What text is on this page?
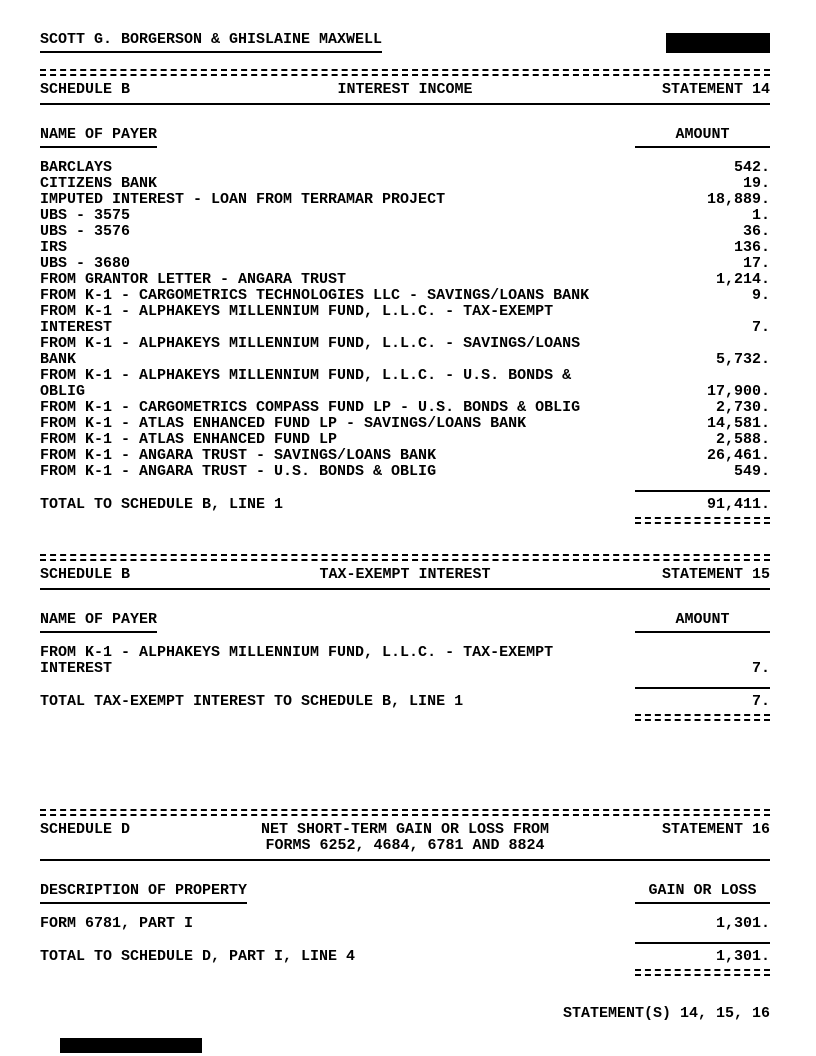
SCOTT G. BORGERSON & GHISLAINE MAXWELL
SCHEDULE B	INTEREST INCOME	STATEMENT 14
NAME OF PAYER	AMOUNT
BARCLAYS	542.
CITIZENS BANK	19.
IMPUTED INTEREST - LOAN FROM TERRAMAR PROJECT	18,889.
UBS - 3575	1.
UBS - 3576	36.
IRS	136.
UBS - 3680	17.
FROM GRANTOR LETTER - ANGARA TRUST	1,214.
FROM K-1 - CARGOMETRICS TECHNOLOGIES LLC - SAVINGS/LOANS BANK	9.
FROM K-1 - ALPHAKEYS MILLENNIUM FUND, L.L.C. - TAX-EXEMPT INTEREST	7.
FROM K-1 - ALPHAKEYS MILLENNIUM FUND, L.L.C. - SAVINGS/LOANS BANK	5,732.
FROM K-1 - ALPHAKEYS MILLENNIUM FUND, L.L.C. - U.S. BONDS & OBLIG	17,900.
FROM K-1 - CARGOMETRICS COMPASS FUND LP - U.S. BONDS & OBLIG	2,730.
FROM K-1 - ATLAS ENHANCED FUND LP - SAVINGS/LOANS BANK	14,581.
FROM K-1 - ATLAS ENHANCED FUND LP	2,588.
FROM K-1 - ANGARA TRUST - SAVINGS/LOANS BANK	26,461.
FROM K-1 - ANGARA TRUST - U.S. BONDS & OBLIG	549.
TOTAL TO SCHEDULE B, LINE 1	91,411.
SCHEDULE B	TAX-EXEMPT INTEREST	STATEMENT 15
NAME OF PAYER	AMOUNT
FROM K-1 - ALPHAKEYS MILLENNIUM FUND, L.L.C. - TAX-EXEMPT INTEREST	7.
TOTAL TAX-EXEMPT INTEREST TO SCHEDULE B, LINE 1	7.
SCHEDULE D	NET SHORT-TERM GAIN OR LOSS FROM
FORMS 6252, 4684, 6781 AND 8824
STATEMENT 16
DESCRIPTION OF PROPERTY	GAIN OR LOSS
FORM 6781, PART I	1,301.
TOTAL TO SCHEDULE D, PART I, LINE 4	1,301.
STATEMENT(S) 14, 15, 16
